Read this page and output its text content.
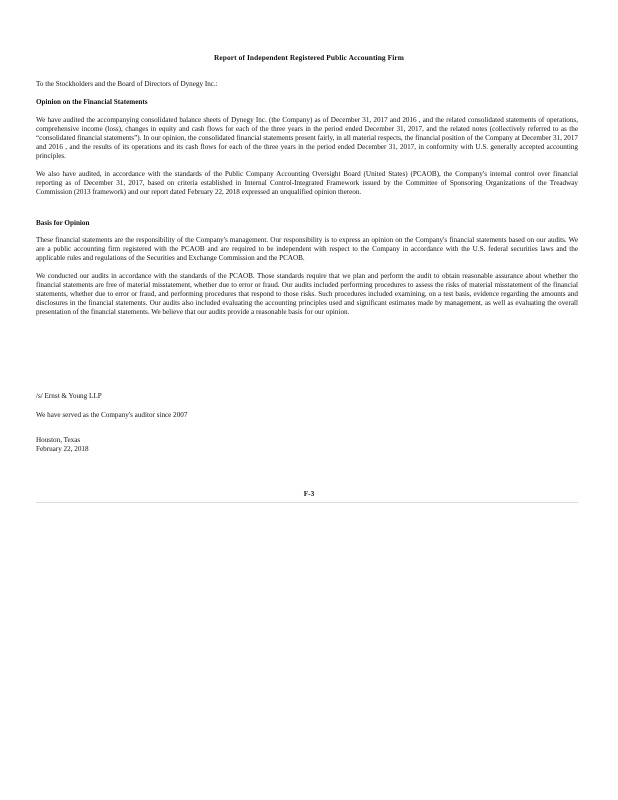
Report of Independent Registered Public Accounting Firm
To the Stockholders and the Board of Directors of Dynegy Inc.:
Opinion on the Financial Statements
We have audited the accompanying consolidated balance sheets of Dynegy Inc. (the Company) as of December 31, 2017 and 2016 , and the related consolidated statements of operations, comprehensive income (loss), changes in equity and cash flows for each of the three years in the period ended December 31, 2017, and the related notes (collectively referred to as the “consolidated financial statements”). In our opinion, the consolidated financial statements present fairly, in all material respects, the financial position of the Company at December 31, 2017 and 2016 , and the results of its operations and its cash flows for each of the three years in the period ended December 31, 2017, in conformity with U.S. generally accepted accounting principles.
We also have audited, in accordance with the standards of the Public Company Accounting Oversight Board (United States) (PCAOB), the Company's internal control over financial reporting as of December 31, 2017, based on criteria established in Internal Control-Integrated Framework issued by the Committee of Sponsoring Organizations of the Treadway Commission (2013 framework) and our report dated February 22, 2018 expressed an unqualified opinion thereon.
Basis for Opinion
These financial statements are the responsibility of the Company's management. Our responsibility is to express an opinion on the Company's financial statements based on our audits. We are a public accounting firm registered with the PCAOB and are required to be independent with respect to the Company in accordance with the U.S. federal securities laws and the applicable rules and regulations of the Securities and Exchange Commission and the PCAOB.
We conducted our audits in accordance with the standards of the PCAOB. Those standards require that we plan and perform the audit to obtain reasonable assurance about whether the financial statements are free of material misstatement, whether due to error or fraud. Our audits included performing procedures to assess the risks of material misstatement of the financial statements, whether due to error or fraud, and performing procedures that respond to those risks. Such procedures included examining, on a test basis, evidence regarding the amounts and disclosures in the financial statements. Our audits also included evaluating the accounting principles used and significant estimates made by management, as well as evaluating the overall presentation of the financial statements. We believe that our audits provide a reasonable basis for our opinion.
/s/ Ernst & Young LLP
We have served as the Company's auditor since 2007
Houston, Texas
February 22, 2018
F-3
